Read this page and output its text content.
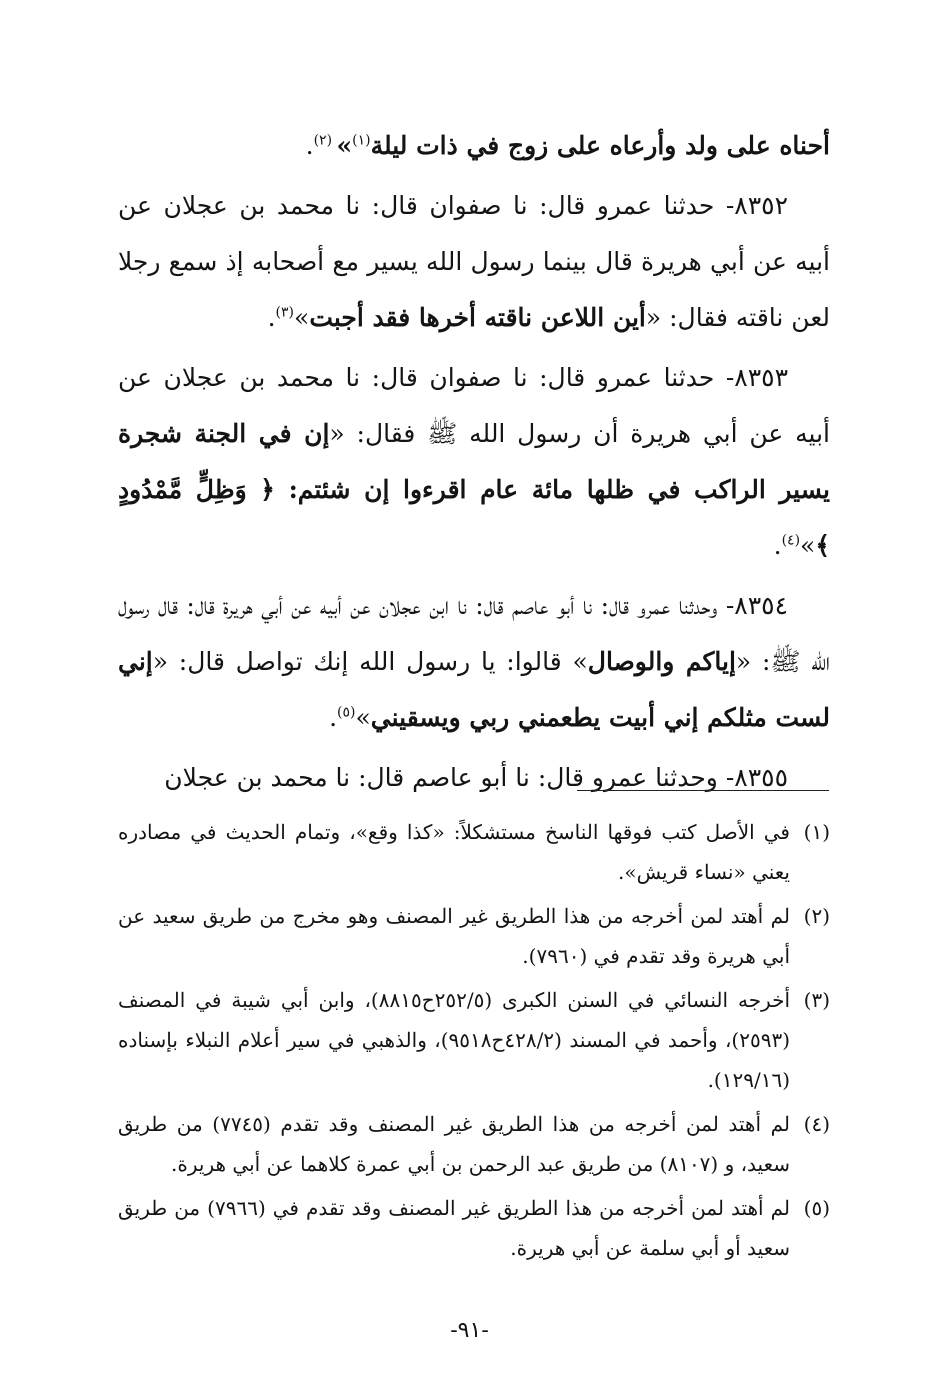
أحناه على ولد وأرعاه على زوج في ذات ليلة$^{(١)}$» $^{(٢)}$.

٨٣٥٢- حدثنا عمرو قال: نا صفوان قال: نا محمد بن عجلان عن أبيه عن أبي هريرة قال بينما رسول الله يسير مع أصحابه إذ سمع رجلا لعن ناقته فقال: «أين اللاعن ناقته أخرها فقد أجبت»$^{(٣)}$.

٨٣٥٣- حدثنا عمرو قال: نا صفوان قال: نا محمد بن عجلان عن أبيه عن أبي هريرة أن رسول الله ﷺ فقال: «إن في الجنة شجرة يسير الراكب في ظلها مائة عام اقرءوا إن شئتم: ﴿ وَظِلٍّ مَّمْدُودٍ ﴾»$^{(٤)}$.

٨٣٥٤- وحدثنا عمرو قال: نا أبو عاصم قال: نا ابن عجلان عن أبيه عن أبي هريرة قال: قال رسول الله ﷺ: «إياكم والوصال» قالوا: يا رسول الله إنك تواصل قال: «إني لست مثلكم إني أبيت يطعمني ربي ويسقيني»$^{(٥)}$.

٨٣٥٥- وحدثنا عمرو قال: نا أبو عاصم قال: نا محمد بن عجلان

(١)
في الأصل كتب فوقها الناسخ مستشكلاً: «كذا وقع»، وتمام الحديث في مصادره يعني «نساء قريش».
(٢)
لم أهتد لمن أخرجه من هذا الطريق غير المصنف وهو مخرج من طريق سعيد عن أبي هريرة وقد تقدم في (٧٩٦٠).
(٣)
أخرجه النسائي في السنن الكبرى (٢٥٢/٥ح٨٨١٥)، وابن أبي شيبة في المصنف (٢٥٩٣)، وأحمد في المسند (٤٢٨/٢ح٩٥١٨)، والذهبي في سير أعلام النبلاء بإسناده (١٢٩/١٦).
(٤)
لم أهتد لمن أخرجه من هذا الطريق غير المصنف وقد تقدم (٧٧٤٥) من طريق سعيد، و (٨١٠٧) من طريق عبد الرحمن بن أبي عمرة كلاهما عن أبي هريرة.
(٥)
لم أهتد لمن أخرجه من هذا الطريق غير المصنف وقد تقدم في (٧٩٦٦) من طريق سعيد أو أبي سلمة عن أبي هريرة.
-٩١-
